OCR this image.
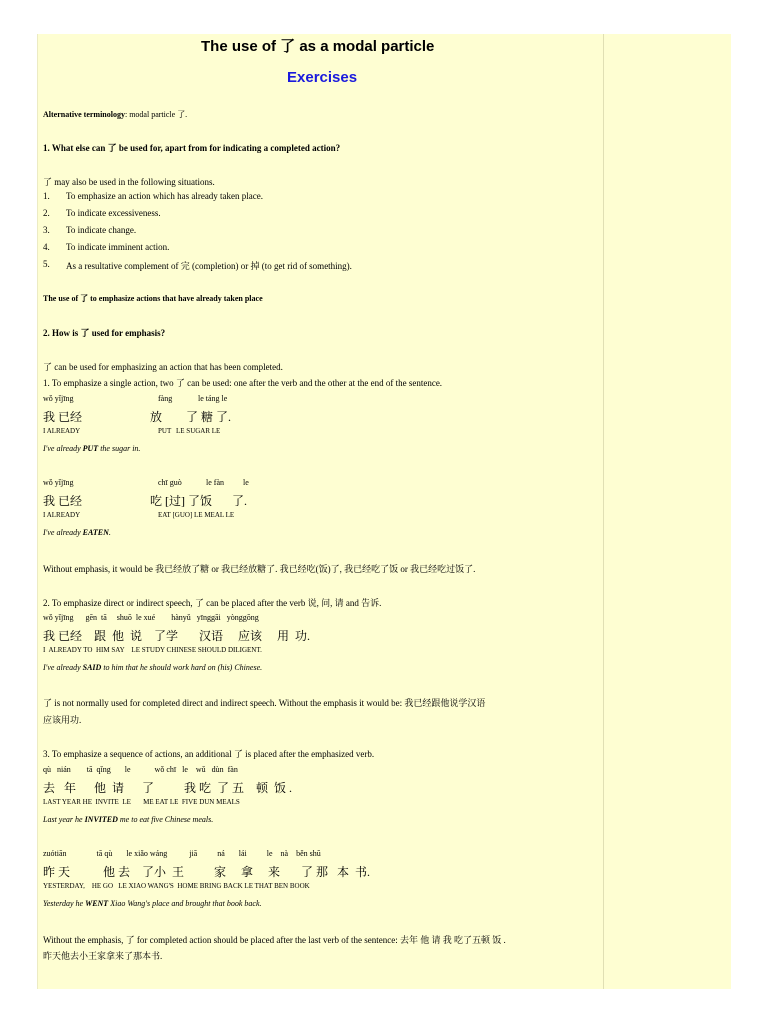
The use of 了 as a modal particle
Exercises
Alternative terminology: modal particle 了.
1. What else can 了 be used for, apart from for indicating a completed action?
了 may also be used in the following situations.
1. To emphasize an action which has already taken place.
2. To indicate excessiveness.
3. To indicate change.
4. To indicate imminent action.
5. As a resultative complement of 完 (completion) or 掉 (to get rid of something).
The use of 了 to emphasize actions that have already taken place
2. How is 了 used for emphasis?
了 can be used for emphasizing an action that has been completed.
1. To emphasize a single action, two 了 can be used: one after the verb and the other at the end of the sentence.
wǒ yǐjīng	fàng	le táng le
我 已经	放 了 糖 了.
I ALREADY	PUT LE SUGAR LE
I've already PUT the sugar in.
wǒ yǐjīng	chī guò	le fàn le
我 已经	吃 [过] 了饭 了.
I ALREADY	EAT [GUO] LE MEAL LE
I've already EATEN.
Without emphasis, it would be 我已经放了糖 or 我已经放糖了. 我已经吃(饭)了, 我已经吃了饭 or 我已经吃过饭了.
2. To emphasize direct or indirect speech, 了 can be placed after the verb 说, 问, 请 and 告诉.
wǒ yǐjīng      gēn  tā     shuō  le xué        hànyǔ   yīnggāi   yònggōng
我 已经    跟  他  说    了学       汉语     应该     用  功.
I  ALREADY TO  HIM SAY    LE STUDY CHINESE SHOULD DILIGENT.
I've already SAID to him that he should work hard on (his) Chinese.
了 is not normally used for completed direct and indirect speech. Without the emphasis it would be: 我已经跟他说学汉语
应该用功.
3. To emphasize a sequence of actions, an additional 了 is placed after the emphasized verb.
qù   nián        tā  qǐng       le            wǒ chī   le    wǔ   dùn  fàn
去   年      他  请      了          我 吃  了 五    顿  饭 .
LAST YEAR HE  INVITE  LE       ME EAT LE  FIVE DUN MEALS
Last year he INVITED me to eat five Chinese meals.
zuótiān               tā qù       le xiǎo wáng           jiā          ná       lái          le    nà    běn shū
昨 天           他 去    了小  王          家     拿     来       了 那   本  书.
YESTERDAY,    HE GO   LE XIAO WANG'S  HOME BRING BACK LE THAT BEN BOOK
Yesterday he WENT Xiao Wang's place and brought that book back.
Without the emphasis, 了 for completed action should be placed after the last verb of the sentence: 去年 他 请 我 吃了五顿 饭 .
昨天他去小王家拿来了那本书.
